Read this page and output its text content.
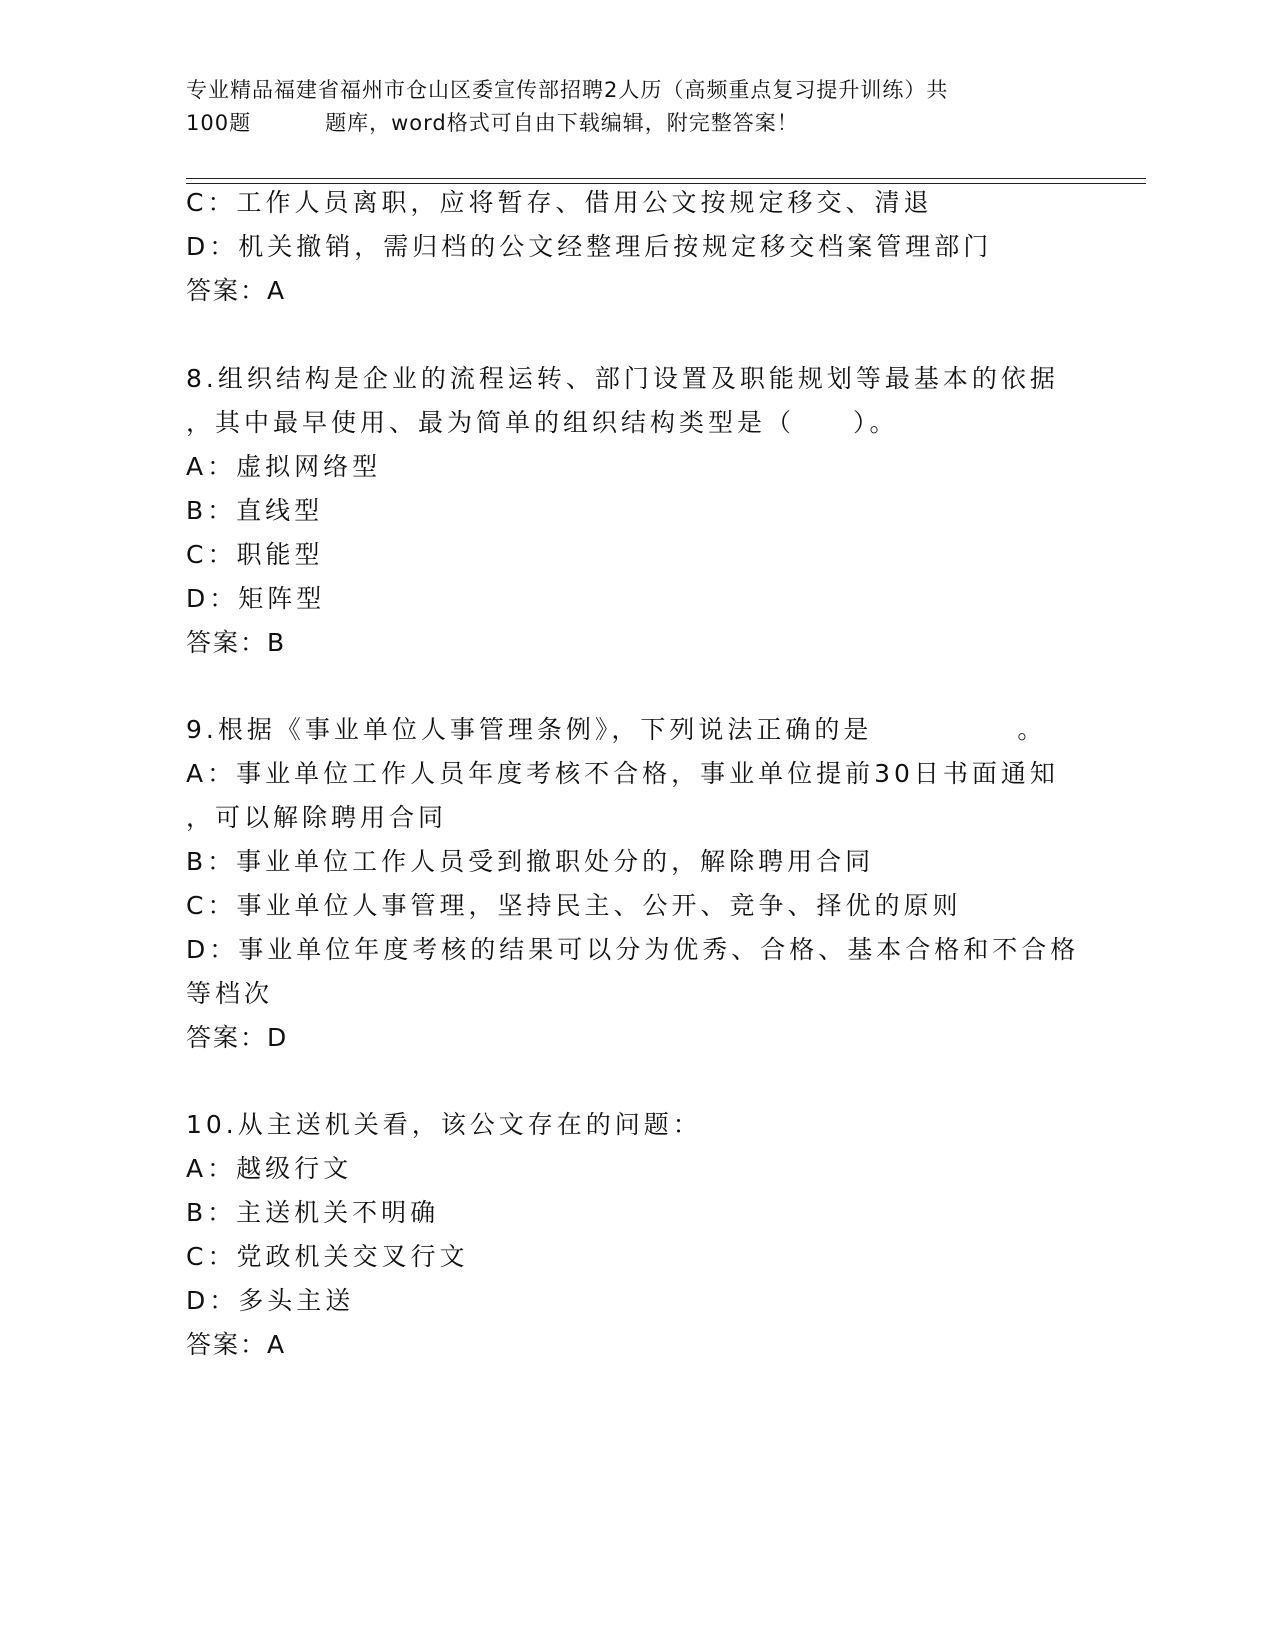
专业精品福建省福州市仓山区委宣传部招聘2人历（高频重点复习提升训练）共
100题	题库，word格式可自由下载编辑，附完整答案！
C：工作人员离职，应将暂存、借用公文按规定移交、清退
D：机关撤销，需归档的公文经整理后按规定移交档案管理部门
答案：A
8.组织结构是企业的流程运转、部门设置及职能规划等最基本的依据
，其中最早使用、最为简单的组织结构类型是（　　）。
A：虚拟网络型
B：直线型
C：职能型
D：矩阵型
答案：B
9.根据《事业单位人事管理条例》，下列说法正确的是　　　　　。
A：事业单位工作人员年度考核不合格，事业单位提前30日书面通知
，可以解除聘用合同
B：事业单位工作人员受到撤职处分的，解除聘用合同
C：事业单位人事管理，坚持民主、公开、竞争、择优的原则
D：事业单位年度考核的结果可以分为优秀、合格、基本合格和不合格
等档次
答案：D
10.从主送机关看，该公文存在的问题：
A：越级行文
B：主送机关不明确
C：党政机关交叉行文
D：多头主送
答案：A
